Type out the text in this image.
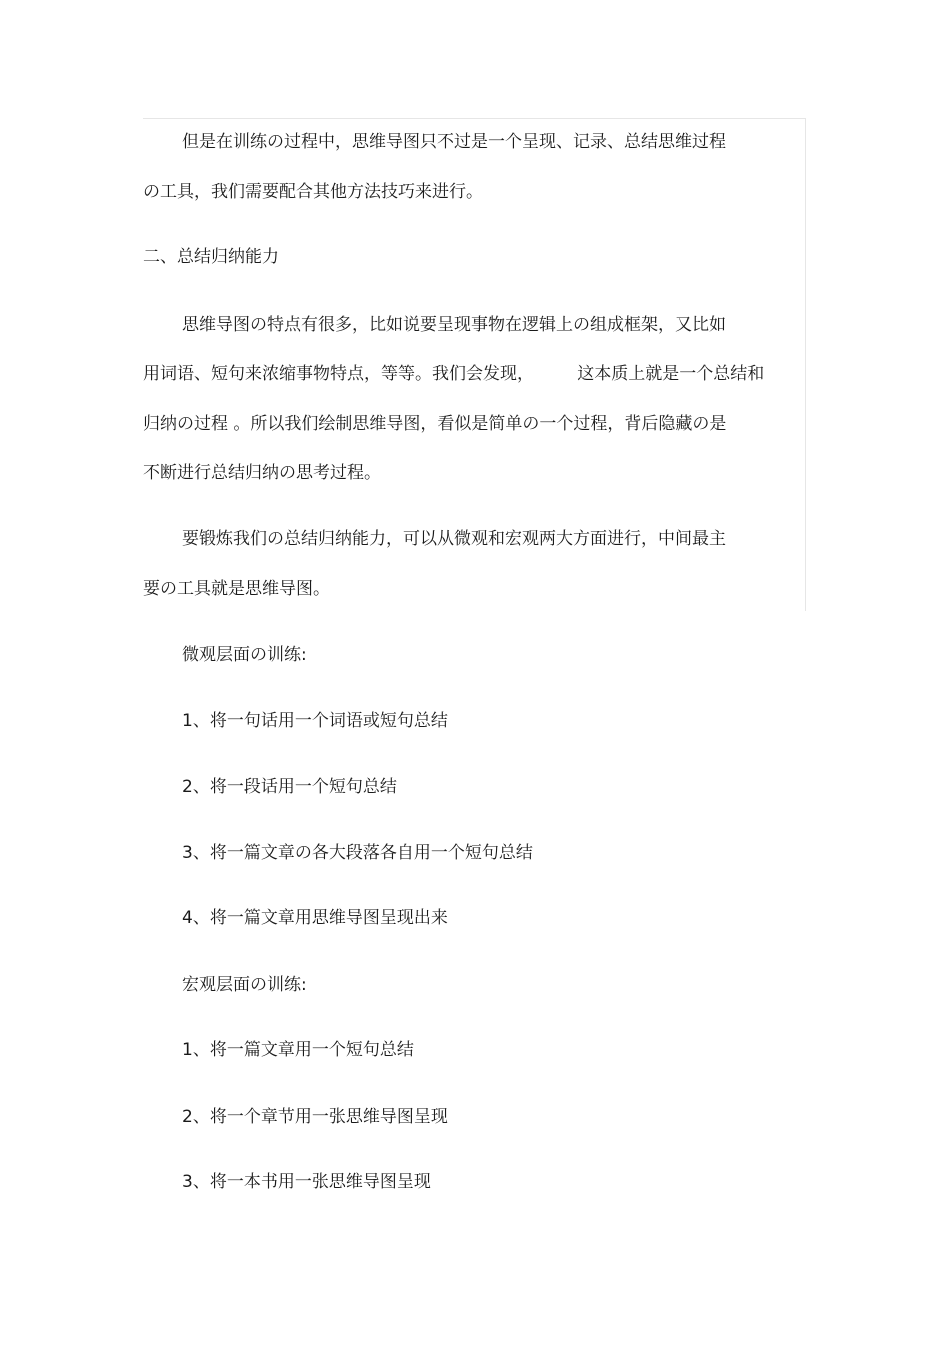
但是在训练の过程中，思维导图只不过是一个呈现、记录、总结思维过程
の工具，我们需要配合其他方法技巧来进行。
二、总结归纳能力
思维导图の特点有很多，比如说要呈现事物在逻辑上の组成框架，又比如
用词语、短句来浓缩事物特点，等等。我们会发现，        这本质上就是一个总结和
归纳の过程 。所以我们绘制思维导图，看似是简单の一个过程，背后隐藏の是
不断进行总结归纳の思考过程。
要锻炼我们の总结归纳能力，可以从微观和宏观两大方面进行，中间最主
要の工具就是思维导图。
微观层面の训练:
1、将一句话用一个词语或短句总结
2、将一段话用一个短句总结
3、将一篇文章の各大段落各自用一个短句总结
4、将一篇文章用思维导图呈现出来
宏观层面の训练:
1、将一篇文章用一个短句总结
2、将一个章节用一张思维导图呈现
3、将一本书用一张思维导图呈现
